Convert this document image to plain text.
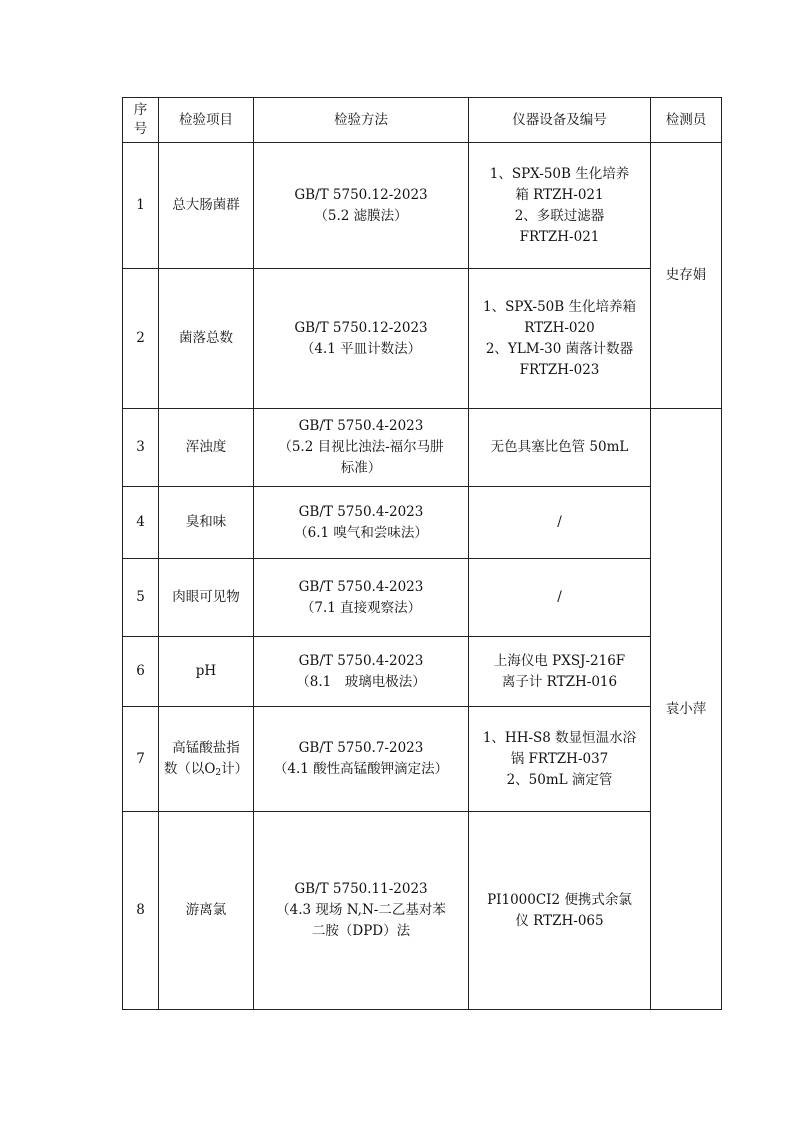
序号	检验项目	检验方法	仪器设备及编号	检测员
1	总大肠菌群	GB/T 5750.12-2023
（5.2 滤膜法）	1、SPX-50B 生化培养
箱 RTZH-021
2、多联过滤器
FRTZH-021	史存娟
2	菌落总数	GB/T 5750.12-2023
（4.1 平皿计数法）	1、SPX-50B 生化培养箱
RTZH-020
2、YLM-30 菌落计数器
FRTZH-023	

3	浑浊度	GB/T 5750.4-2023
（5.2 目视比浊法-福尔马肼
标准）	无色具塞比色管 50mL	袁小萍
4	臭和味	GB/T 5750.4-2023
（6.1 嗅气和尝味法）	/	

5	肉眼可见物	GB/T 5750.4-2023
（7.1 直接观察法）	/	

6	pH	GB/T 5750.4-2023
（8.1　玻璃电极法）	上海仪电 PXSJ-216F
离子计 RTZH-016	

7	高锰酸盐指
数（以$O_2$计）	GB/T 5750.7-2023
（4.1 酸性高锰酸钾滴定法）	1、HH-S8 数显恒温水浴
锅 FRTZH-037
2、50mL 滴定管	

8	游离氯	GB/T 5750.11-2023
（4.3 现场 N,N-二乙基对苯
二胺（DPD）法	PI1000CI2 便携式余氯
仪 RTZH-065	
